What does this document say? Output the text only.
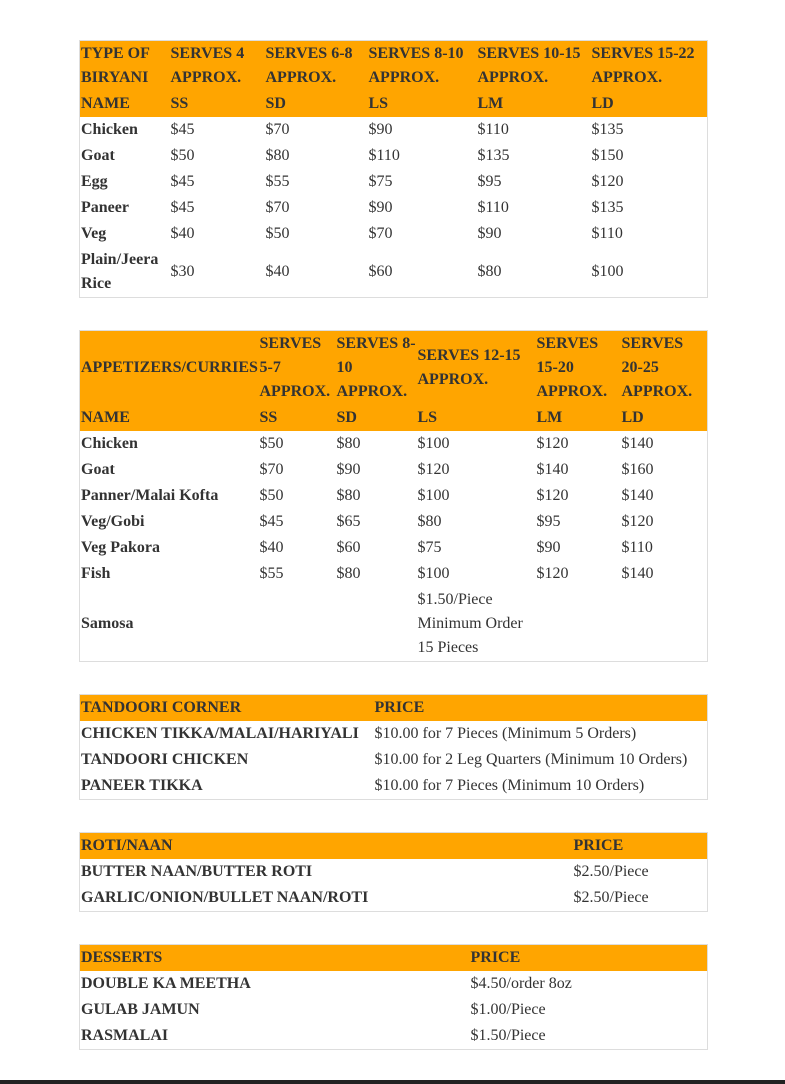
TYPE OF BIRYANI	SERVES 4 APPROX.	SERVES 6-8 APPROX.	SERVES 8-10 APPROX.	SERVES 10-15 APPROX.	SERVES 15-22 APPROX.
NAME	SS	SD	LS	LM	LD
Chicken	$45	$70	$90	$110	$135
Goat	$50	$80	$110	$135	$150
Egg	$45	$55	$75	$95	$120
Paneer	$45	$70	$90	$110	$135
Veg	$40	$50	$70	$90	$110
Plain/Jeera Rice	$30	$40	$60	$80	$100
APPETIZERS/CURRIES	SERVES 5-7 APPROX.	SERVES 8-10 APPROX.	SERVES 12-15 APPROX.	SERVES 15-20 APPROX.	SERVES 20-25 APPROX.
NAME	SS	SD	LS	LM	LD
Chicken	$50	$80	$100	$120	$140
Goat	$70	$90	$120	$140	$160
Panner/Malai Kofta	$50	$80	$100	$120	$140
Veg/Gobi	$45	$65	$80	$95	$120
Veg Pakora	$40	$60	$75	$90	$110
Fish	$55	$80	$100	$120	$140
Samosa			$1.50/Piece Minimum Order 15 Pieces		
TANDOORI CORNER	PRICE
CHICKEN TIKKA/MALAI/HARIYALI	$10.00 for 7 Pieces (Minimum 5 Orders)
TANDOORI CHICKEN	$10.00 for 2 Leg Quarters (Minimum 10 Orders)
PANEER TIKKA	$10.00 for 7 Pieces (Minimum 10 Orders)
ROTI/NAAN	PRICE
BUTTER NAAN/BUTTER ROTI	$2.50/Piece
GARLIC/ONION/BULLET NAAN/ROTI	$2.50/Piece
DESSERTS	PRICE
DOUBLE KA MEETHA	$4.50/order 8oz
GULAB JAMUN	$1.00/Piece
RASMALAI	$1.50/Piece
